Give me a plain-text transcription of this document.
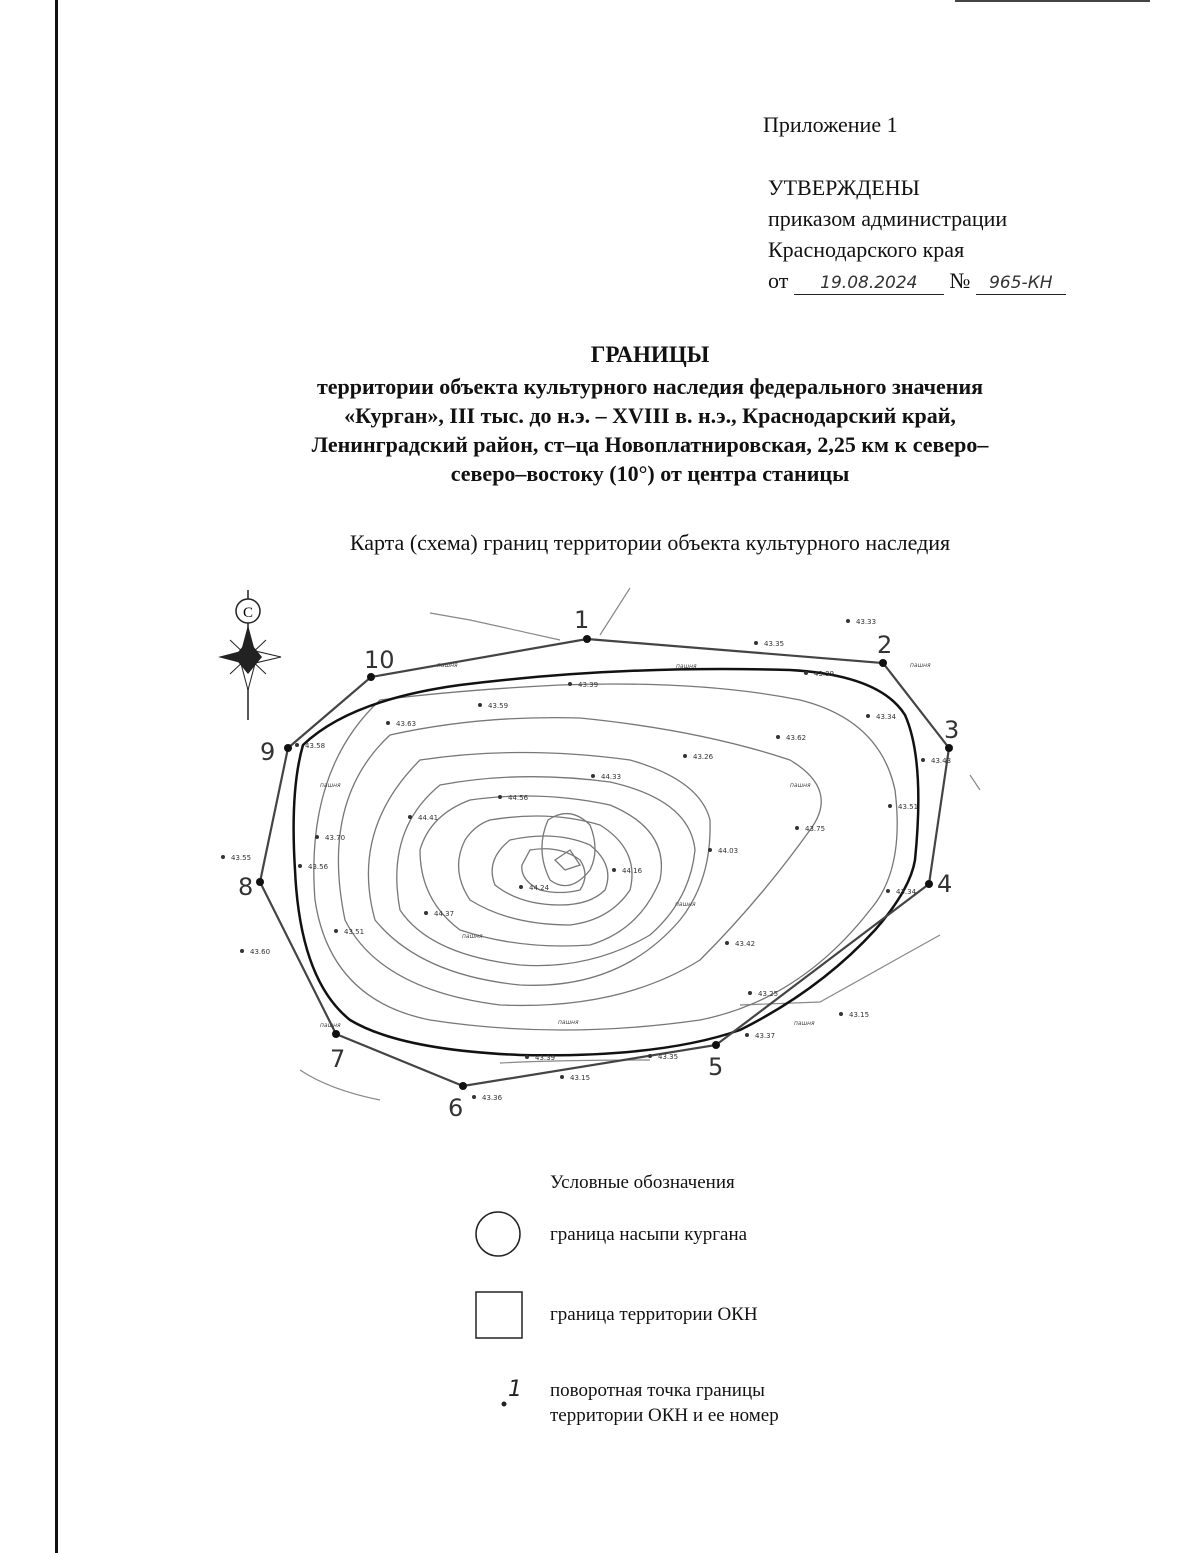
Приложение 1
УТВЕРЖДЕНЫ
приказом администрации
Краснодарского края
от 19.08.2024 № 965-КН
ГРАНИЦЫ
территории объекта культурного наследия федерального значения
«Курган», III тыс. до н.э. – XVIII в. н.э., Краснодарский край,
Ленинградский район, ст–ца Новоплатнировская, 2,25 км к северо–
северо–востоку (10°) от центра станицы
Карта (схема) границ территории объекта культурного наследия
С	1
2
3
4
5
6
7
8
9
10
43.33
43.35
43.39
43.34
43.62
43.43
43.51
43.75
43.34
43.26
43.42
43.39
43.59
43.63
43.58
43.70
43.56
43.55
43.60
43.51
43.39
43.15
43.37
43.35
43.25
43.15
43.36
44.33
44.41
44.37
44.03
44.56
44.16
44.24
пашня	пашня	пашня
пашня
пашня
пашня
пашня
пашня
пашня	пашня
1
Условные обозначения
граница насыпи кургана
граница территории ОКН
поворотная точка границы
территории ОКН и ее номер
